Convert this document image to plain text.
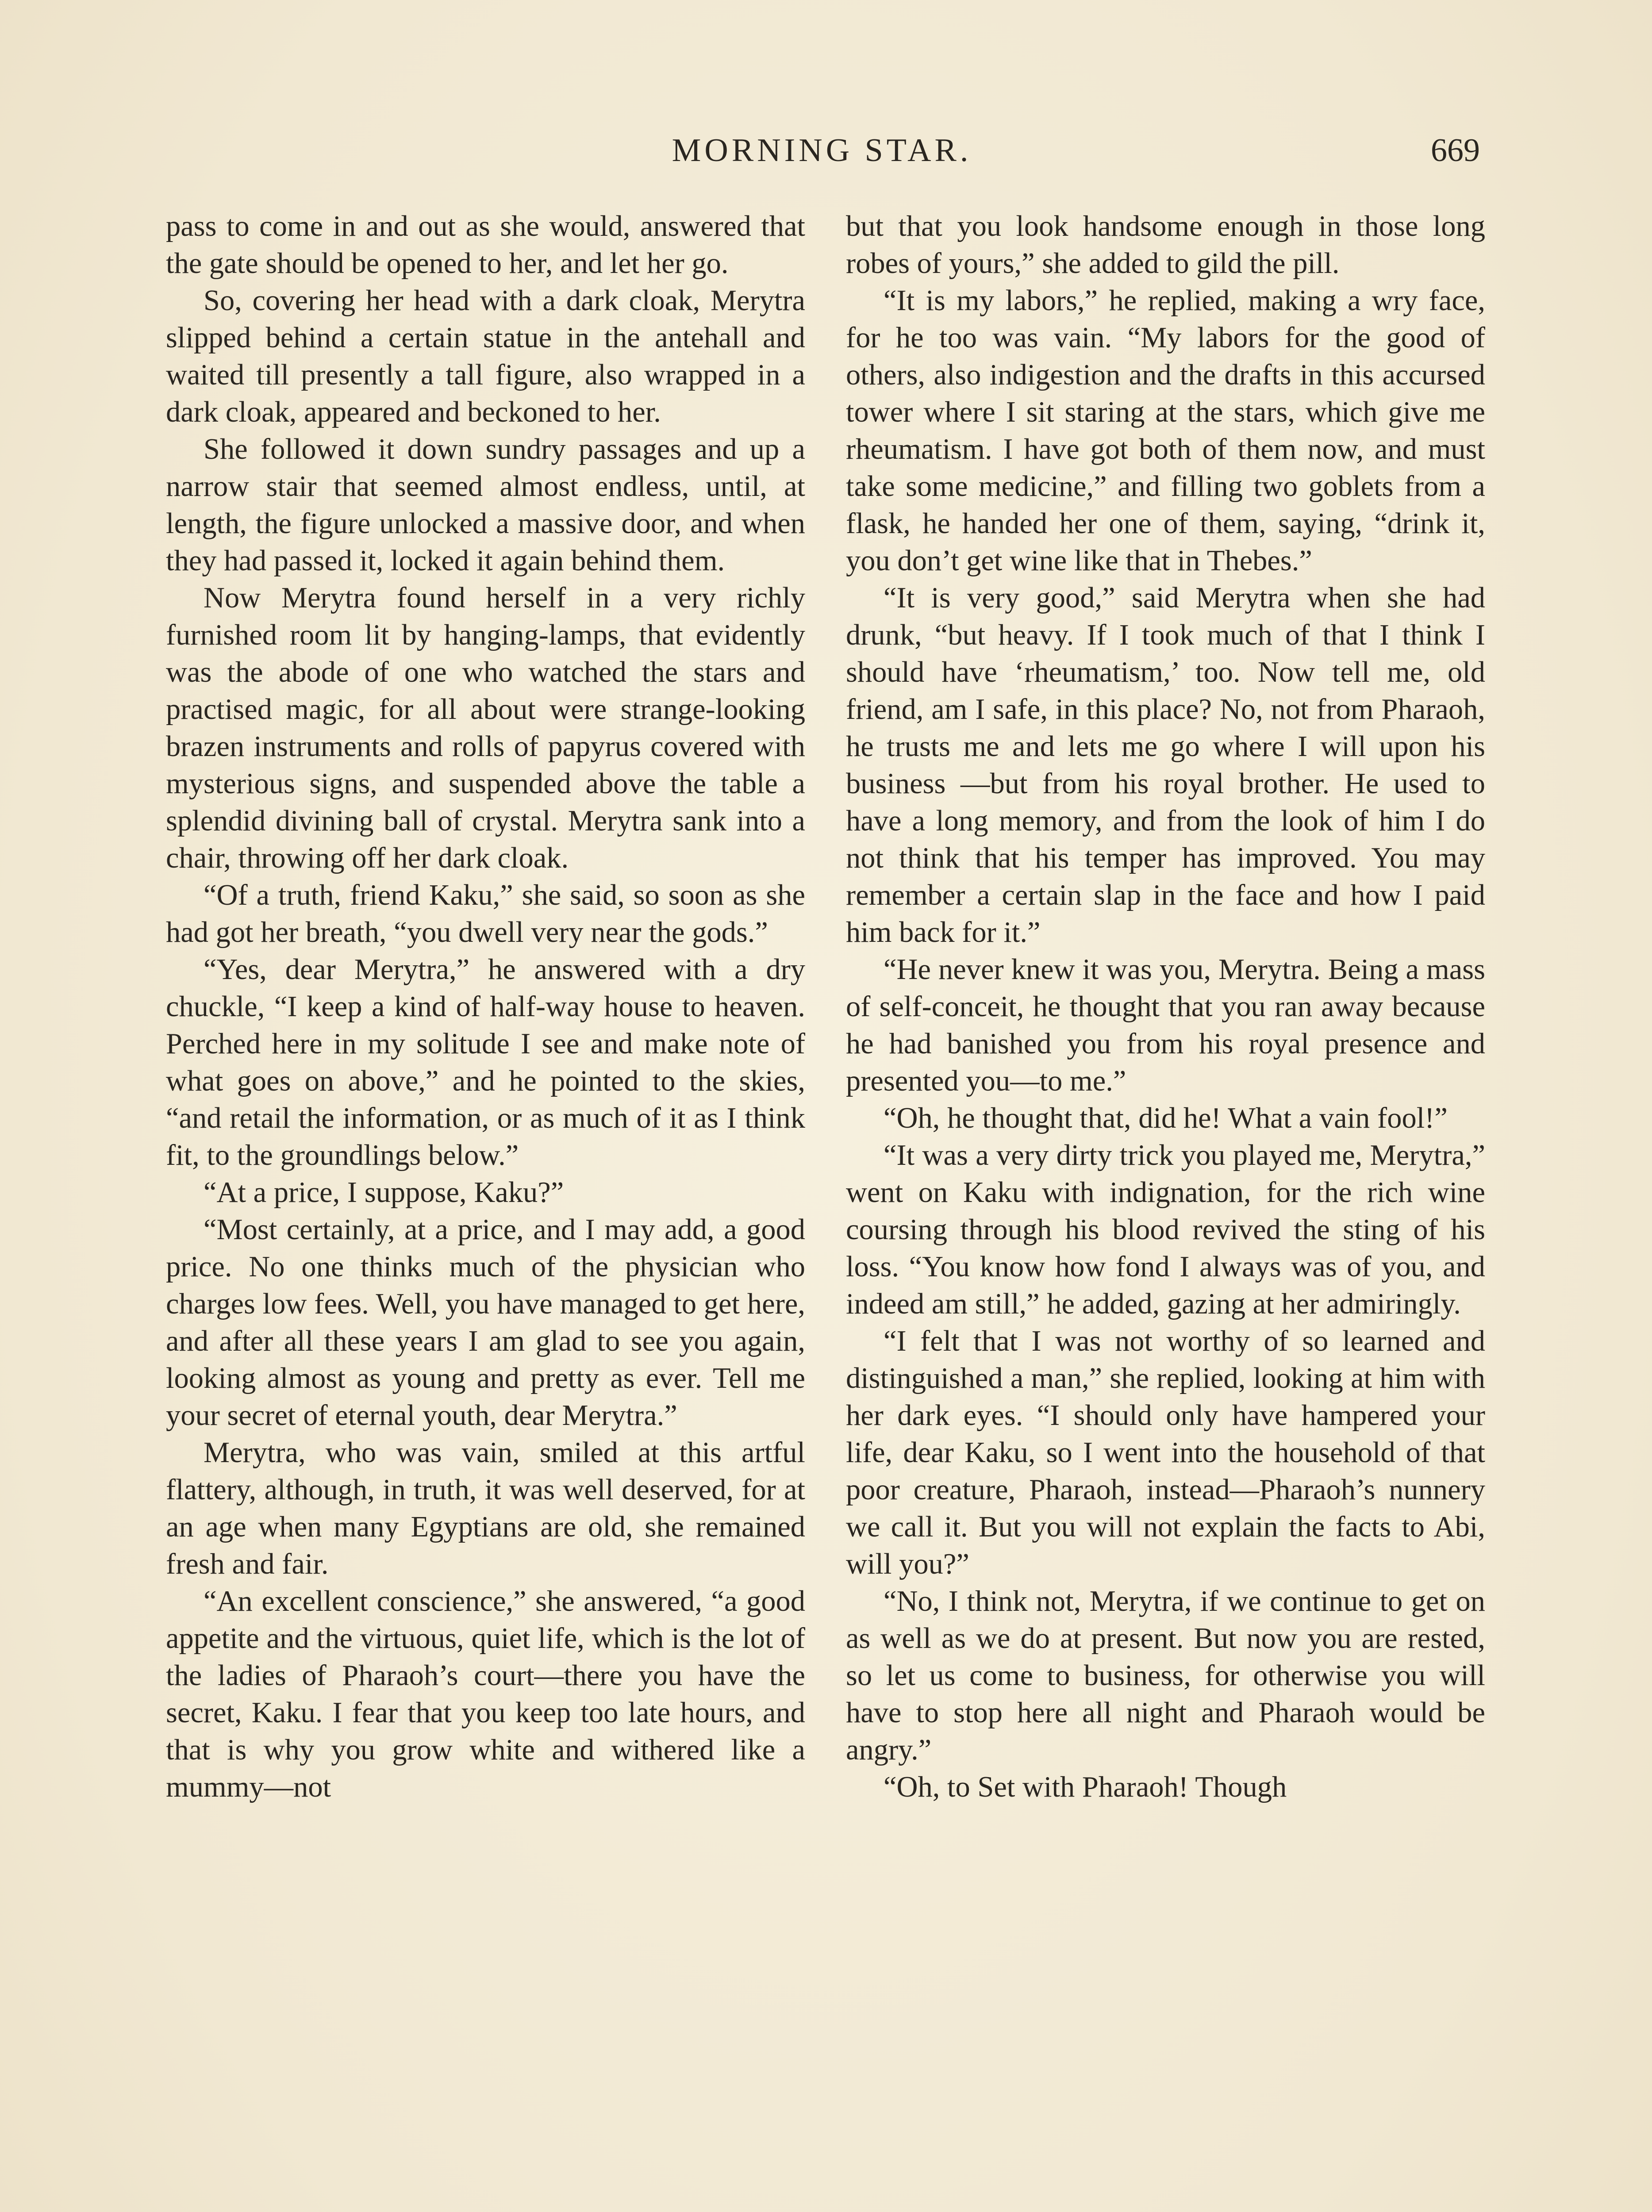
MORNING STAR.	669

pass to come in and out as she would, answered that the gate should be opened to her, and let her go.

So, covering her head with a dark cloak, Merytra slipped behind a certain statue in the antehall and waited till presently a tall figure, also wrapped in a dark cloak, appeared and beckoned to her.

She followed it down sundry passages and up a narrow stair that seemed almost endless, until, at length, the figure unlocked a massive door, and when they had passed it, locked it again behind them.

Now Merytra found herself in a very richly furnished room lit by hanging-lamps, that evidently was the abode of one who watched the stars and practised magic, for all about were strange-looking brazen instruments and rolls of papyrus covered with mysterious signs, and suspended above the table a splendid divining ball of crystal. Merytra sank into a chair, throwing off her dark cloak.

“Of a truth, friend Kaku,” she said, so soon as she had got her breath, “you dwell very near the gods.”

“Yes, dear Merytra,” he answered with a dry chuckle, “I keep a kind of half-way house to heaven. Perched here in my solitude I see and make note of what goes on above,” and he pointed to the skies, “and retail the information, or as much of it as I think fit, to the groundlings below.”

“At a price, I suppose, Kaku?”

“Most certainly, at a price, and I may add, a good price. No one thinks much of the physician who charges low fees. Well, you have managed to get here, and after all these years I am glad to see you again, looking almost as young and pretty as ever. Tell me your secret of eternal youth, dear Merytra.”

Merytra, who was vain, smiled at this artful flattery, although, in truth, it was well deserved, for at an age when many Egyptians are old, she remained fresh and fair.

“An excellent conscience,” she answered, “a good appetite and the virtuous, quiet life, which is the lot of the ladies of Pharaoh’s court—there you have the secret, Kaku. I fear that you keep too late hours, and that is why you grow white and withered like a mummy—not

but that you look handsome enough in those long robes of yours,” she added to gild the pill.

“It is my labors,” he replied, making a wry face, for he too was vain. “My labors for the good of others, also indigestion and the drafts in this accursed tower where I sit staring at the stars, which give me rheumatism. I have got both of them now, and must take some medicine,” and filling two goblets from a flask, he handed her one of them, saying, “drink it, you don’t get wine like that in Thebes.”

“It is very good,” said Merytra when she had drunk, “but heavy. If I took much of that I think I should have ‘rheumatism,’ too. Now tell me, old friend, am I safe, in this place? No, not from Pharaoh, he trusts me and lets me go where I will upon his business —but from his royal brother. He used to have a long memory, and from the look of him I do not think that his temper has improved. You may remember a certain slap in the face and how I paid him back for it.”

“He never knew it was you, Merytra. Being a mass of self-conceit, he thought that you ran away because he had banished you from his royal presence and presented you—to me.”

“Oh, he thought that, did he! What a vain fool!”

“It was a very dirty trick you played me, Merytra,” went on Kaku with indignation, for the rich wine coursing through his blood revived the sting of his loss. “You know how fond I always was of you, and indeed am still,” he added, gazing at her admiringly.

“I felt that I was not worthy of so learned and distinguished a man,” she replied, looking at him with her dark eyes. “I should only have hampered your life, dear Kaku, so I went into the household of that poor creature, Pharaoh, instead—Pharaoh’s nunnery we call it. But you will not explain the facts to Abi, will you?”

“No, I think not, Merytra, if we continue to get on as well as we do at present. But now you are rested, so let us come to business, for otherwise you will have to stop here all night and Pharaoh would be angry.”

“Oh, to Set with Pharaoh! Though
